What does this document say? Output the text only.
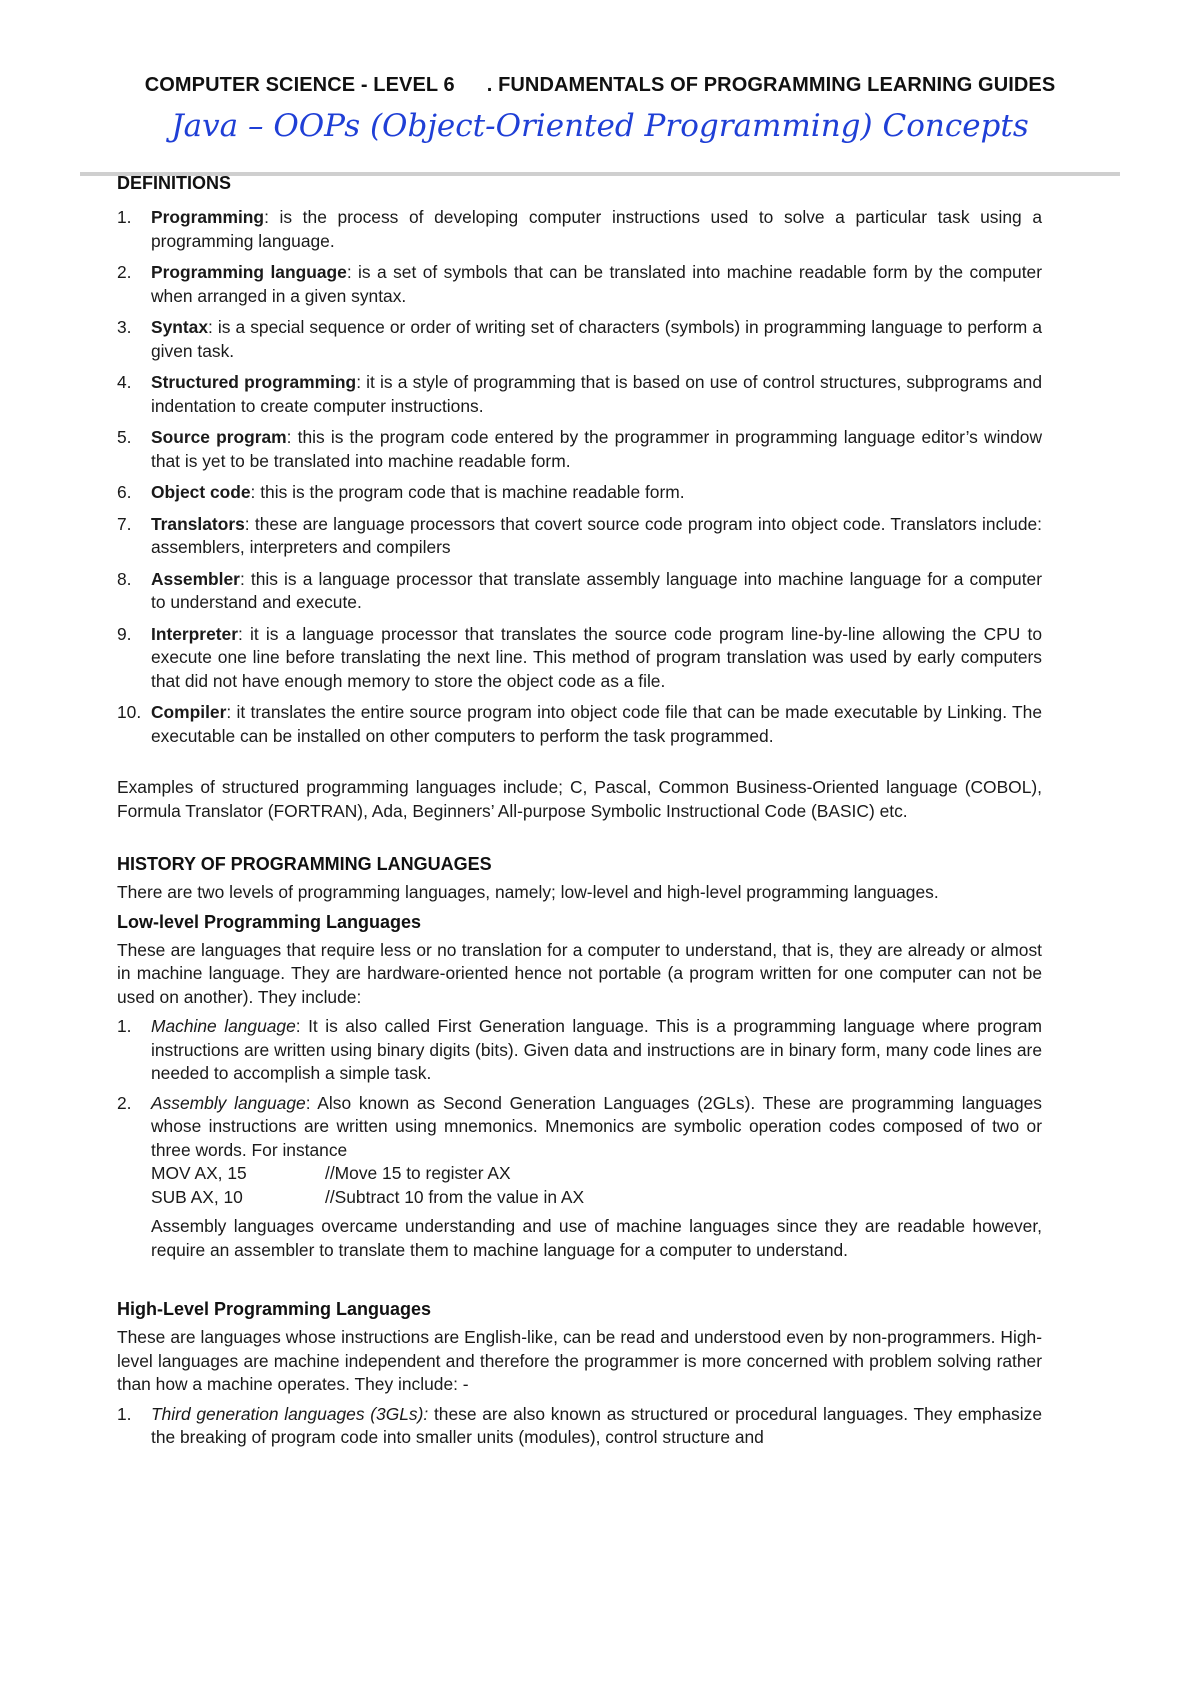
COMPUTER SCIENCE - LEVEL 6 . FUNDAMENTALS OF PROGRAMMING LEARNING GUIDES
Java – OOPs (Object-Oriented Programming) Concepts
DEFINITIONS
1.	Programming: is the process of developing computer instructions used to solve a particular task using a programming language.
2.	Programming language: is a set of symbols that can be translated into machine readable form by the computer when arranged in a given syntax.
3.	Syntax: is a special sequence or order of writing set of characters (symbols) in programming language to perform a given task.
4.	Structured programming: it is a style of programming that is based on use of control structures, subprograms and indentation to create computer instructions.
5.	Source program: this is the program code entered by the programmer in programming language editor’s window that is yet to be translated into machine readable form.
6.	Object code: this is the program code that is machine readable form.
7.	Translators: these are language processors that covert source code program into object code. Translators include: assemblers, interpreters and compilers
8.	Assembler: this is a language processor that translate assembly language into machine language for a computer to understand and execute.
9.	Interpreter: it is a language processor that translates the source code program line-by-line allowing the CPU to execute one line before translating the next line. This method of program translation was used by early computers that did not have enough memory to store the object code as a file.
10. Compiler: it translates the entire source program into object code file that can be made executable by Linking. The executable can be installed on other computers to perform the task programmed.

Examples of structured programming languages include; C, Pascal, Common Business-Oriented language (COBOL), Formula Translator (FORTRAN), Ada, Beginners’ All-purpose Symbolic Instructional Code (BASIC) etc.

HISTORY OF PROGRAMMING LANGUAGES

There are two levels of programming languages, namely; low-level and high-level programming languages.

Low-level Programming Languages

These are languages that require less or no translation for a computer to understand, that is, they are already or almost in machine language. They are hardware-oriented hence not portable (a program written for one computer can not be used on another). They include:

1.	Machine language: It is also called First Generation language. This is a programming language where program instructions are written using binary digits (bits). Given data and instructions are in binary form, many code lines are needed to accomplish a simple task.
2.	Assembly language: Also known as Second Generation Languages (2GLs). These are programming languages whose instructions are written using mnemonics. Mnemonics are symbolic operation codes composed of two or three words. For instance
MOV AX, 15	//Move 15 to register AX
SUB AX, 10	//Subtract 10 from the value in AX

Assembly languages overcame understanding and use of machine languages since they are readable however, require an assembler to translate them to machine language for a computer to understand.

High-Level Programming Languages

These are languages whose instructions are English-like, can be read and understood even by non-programmers. High-level languages are machine independent and therefore the programmer is more concerned with problem solving rather than how a machine operates. They include: -

1.	Third generation languages (3GLs): these are also known as structured or procedural languages. They emphasize the breaking of program code into smaller units (modules), control structure and
